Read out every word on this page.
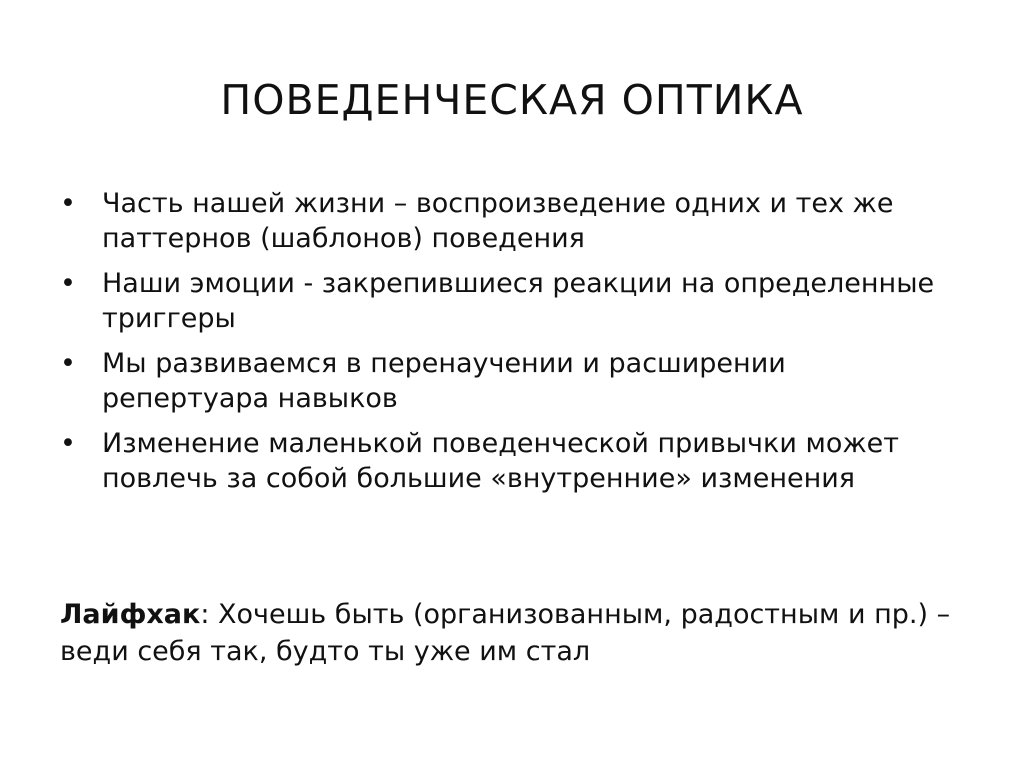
ПОВЕДЕНЧЕСКАЯ ОПТИКА
• Часть нашей жизни – воспроизведение одних и тех же паттернов (шаблонов) поведения
• Наши эмоции - закрепившиеся реакции на определенные триггеры
• Мы развиваемся в перенаучении и расширении репертуара навыков
• Изменение маленькой поведенческой привычки может повлечь за собой большие «внутренние» изменения

Лайфхак: Хочешь быть (организованным, радостным и пр.) – веди себя так, будто ты уже им стал
